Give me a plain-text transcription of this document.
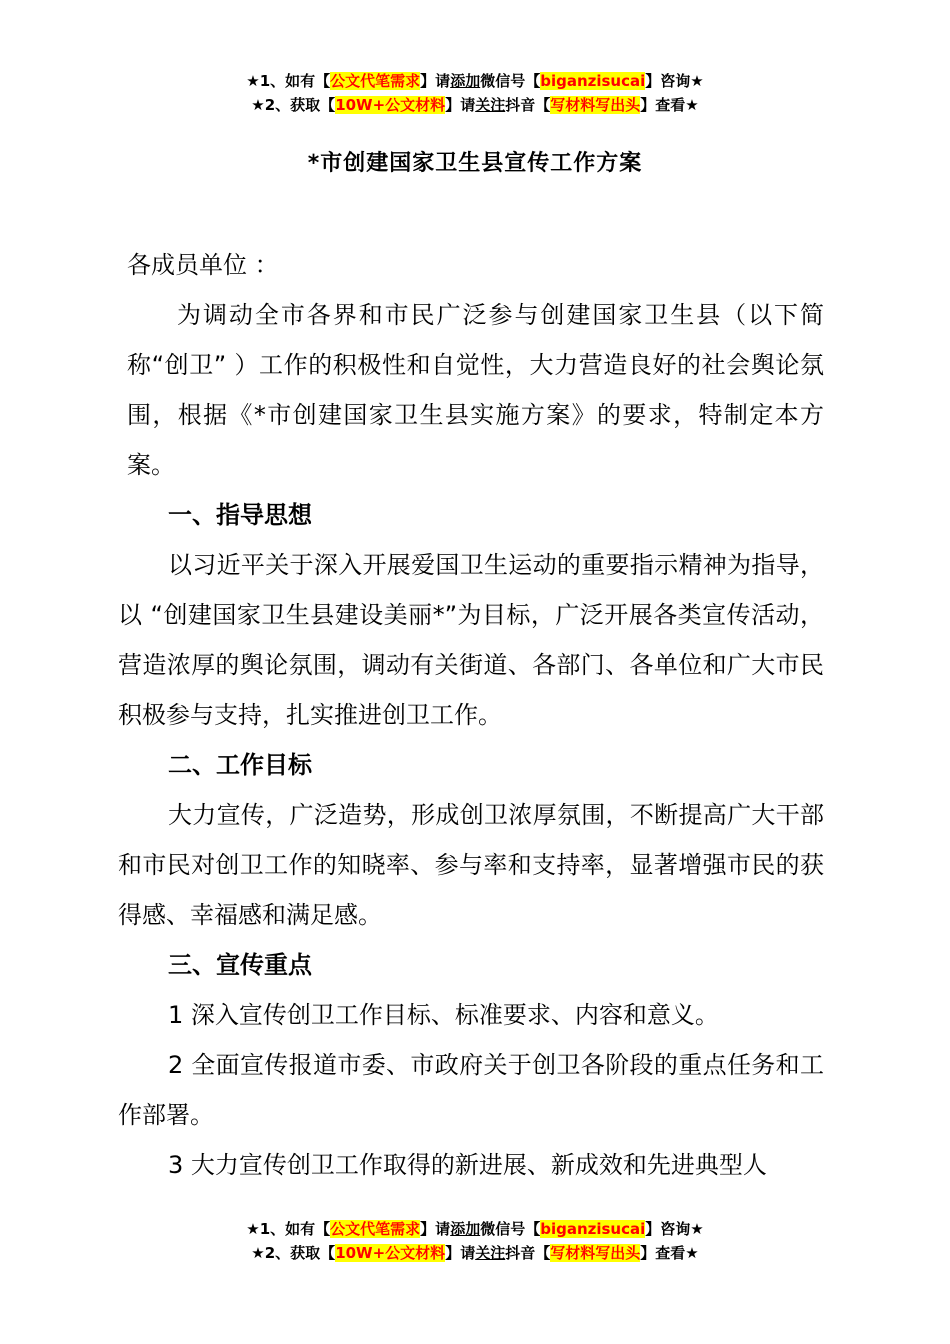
★1、如有【公文代笔需求】请添加微信号【biganzisucai】咨询★
★2、获取【10W+公文材料】请关注抖音【写材料写出头】查看★
*市创建国家卫生县宣传工作方案

各成员单位 ：

为调动全市各界和市民广泛参与创建国家卫生县（以下简称“创卫” ）工作的积极性和自觉性，大力营造良好的社会舆论氛围，根据《*市创建国家卫生县实施方案》的要求，特制定本方案。

一、指导思想

以习近平关于深入开展爱国卫生运动的重要指示精神为指导，以 “创建国家卫生县建设美丽*”为目标，广泛开展各类宣传活动，营造浓厚的舆论氛围，调动有关街道、各部门、各单位和广大市民积极参与支持，扎实推进创卫工作。

二、工作目标

大力宣传，广泛造势，形成创卫浓厚氛围，不断提高广大干部和市民对创卫工作的知晓率、参与率和支持率，显著增强市民的获得感、幸福感和满足感。

三、宣传重点

1 深入宣传创卫工作目标、标准要求、内容和意义。

2 全面宣传报道市委、市政府关于创卫各阶段的重点任务和工作部署。

3 大力宣传创卫工作取得的新进展、新成效和先进典型人

★1、如有【公文代笔需求】请添加微信号【biganzisucai】咨询★
★2、获取【10W+公文材料】请关注抖音【写材料写出头】查看★
